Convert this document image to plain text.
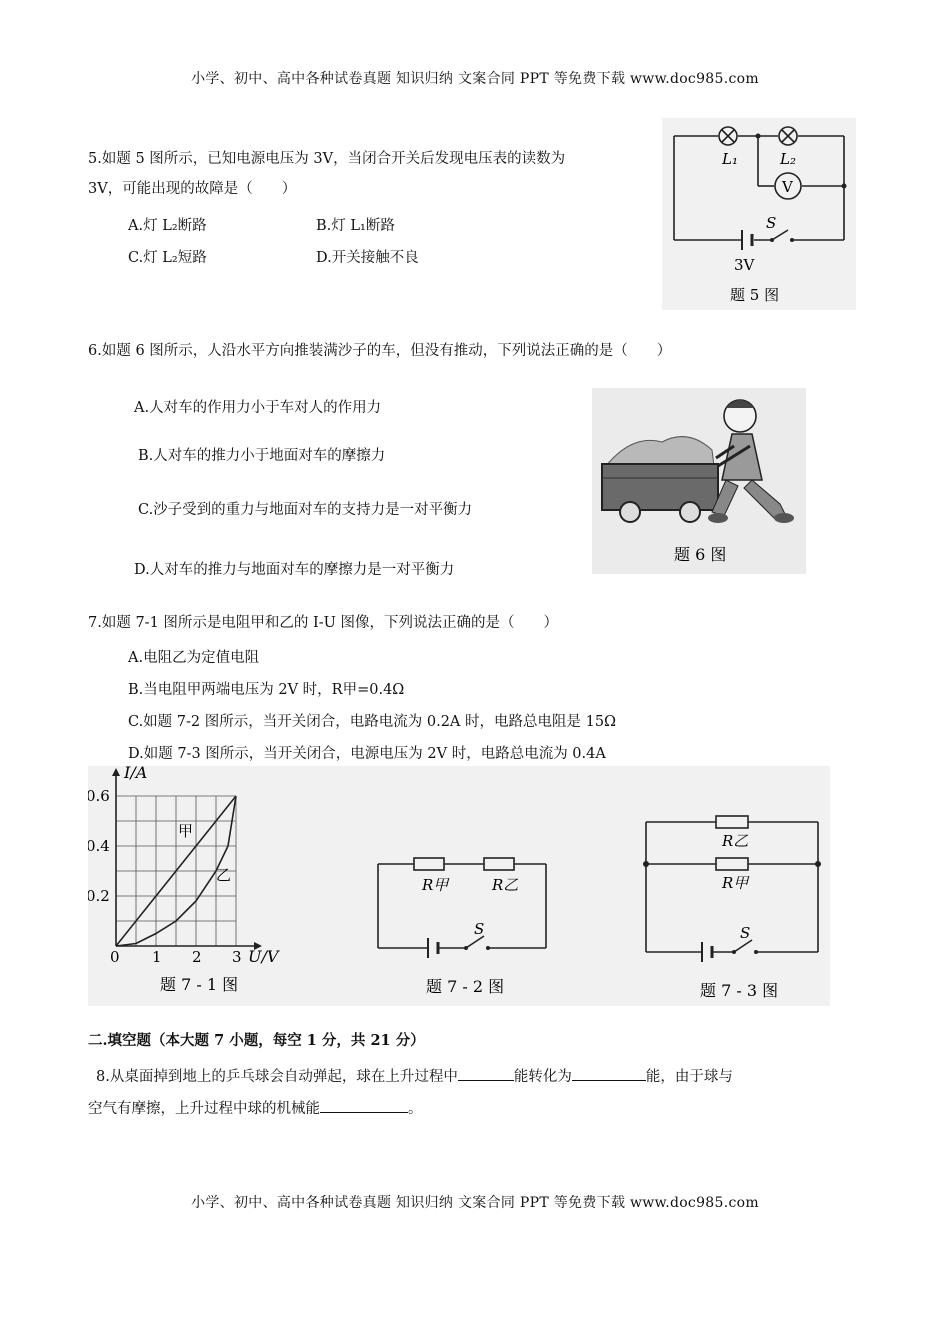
小学、初中、高中各种试卷真题 知识归纳 文案合同 PPT 等免费下载 www.doc985.com
5.如题 5 图所示，已知电源电压为 3V，当闭合开关后发现电压表的读数为
3V，可能出现的故障是（　　）
A.灯 L₂断路	B.灯 L₁断路
C.灯 L₂短路	D.开关接触不良
L₁	L₂
V
S
3V
题 5 图
6.如题 6 图所示，人沿水平方向推装满沙子的车，但没有推动，下列说法正确的是（　　）
A.人对车的作用力小于车对人的作用力
B.人对车的推力小于地面对车的摩擦力
C.沙子受到的重力与地面对车的支持力是一对平衡力
D.人对车的推力与地面对车的摩擦力是一对平衡力
题 6 图
7.如题 7-1 图所示是电阻甲和乙的 I-U 图像，下列说法正确的是（　　）
A.电阻乙为定值电阻
B.当电阻甲两端电压为 2V 时，R甲=0.4Ω
C.如题 7-2 图所示，当开关闭合，电路电流为 0.2A 时，电路总电阻是 15Ω
D.如题 7-3 图所示，当开关闭合，电源电压为 2V 时，电路总电流为 0.4A
1 2 3
0.2
0.4
0.6
I/A
U/V
0
甲
乙
题 7 - 1 图
R甲	R乙
S
题 7 - 2 图
R乙
R甲
S
题 7 - 3 图
二.填空题（本大题 7 小题，每空 1 分，共 21 分）
8.从桌面掉到地上的乒乓球会自动弹起，球在上升过程中	能转化为	能，由于球与
空气有摩擦，上升过程中球的机械能	。
小学、初中、高中各种试卷真题 知识归纳 文案合同 PPT 等免费下载 www.doc985.com
